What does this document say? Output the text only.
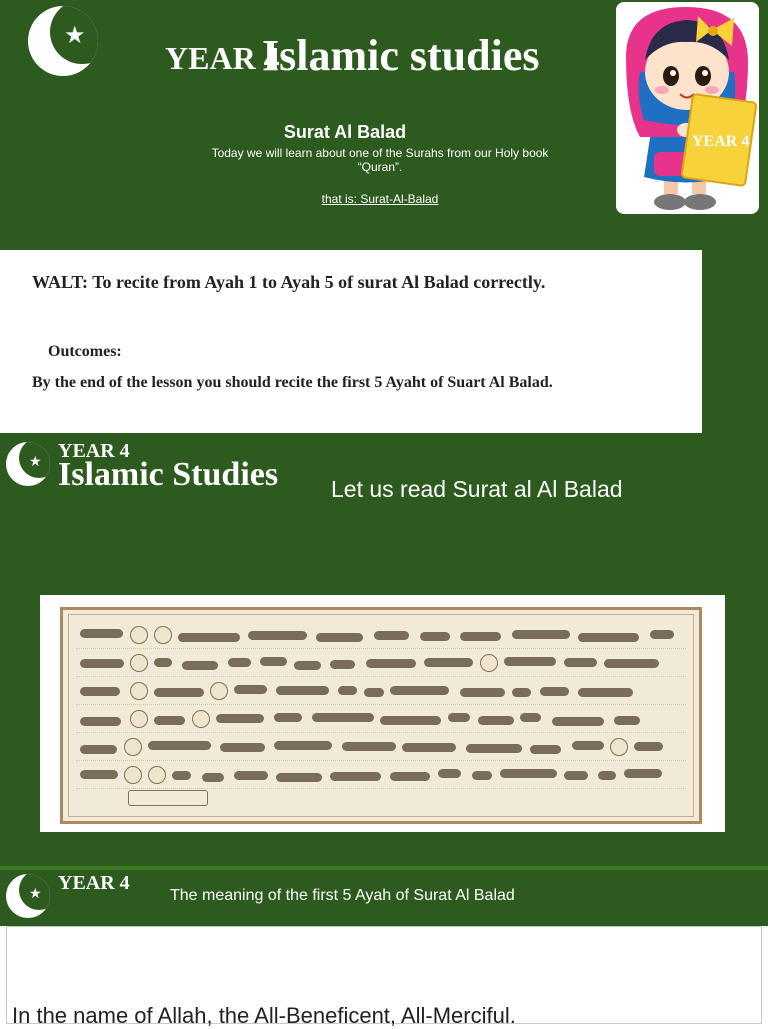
★
YEAR 4
Islamic studies
Surat Al Balad
Today we will learn about one of the Surahs from our Holy book “Quran”.
that is: Surat-Al-Balad
YEAR 4
WALT: To recite from Ayah 1 to Ayah 5 of surat Al Balad correctly.
Outcomes:
By the end of the lesson you should recite the first 5 Ayaht of Suart Al Balad.
★ YEAR 4
Islamic Studies Let us read Surat al Al Balad
★ YEAR 4
The meaning of the first 5 Ayah of Surat Al Balad
In the name of Allah, the All-Beneficent, All-Merciful.
